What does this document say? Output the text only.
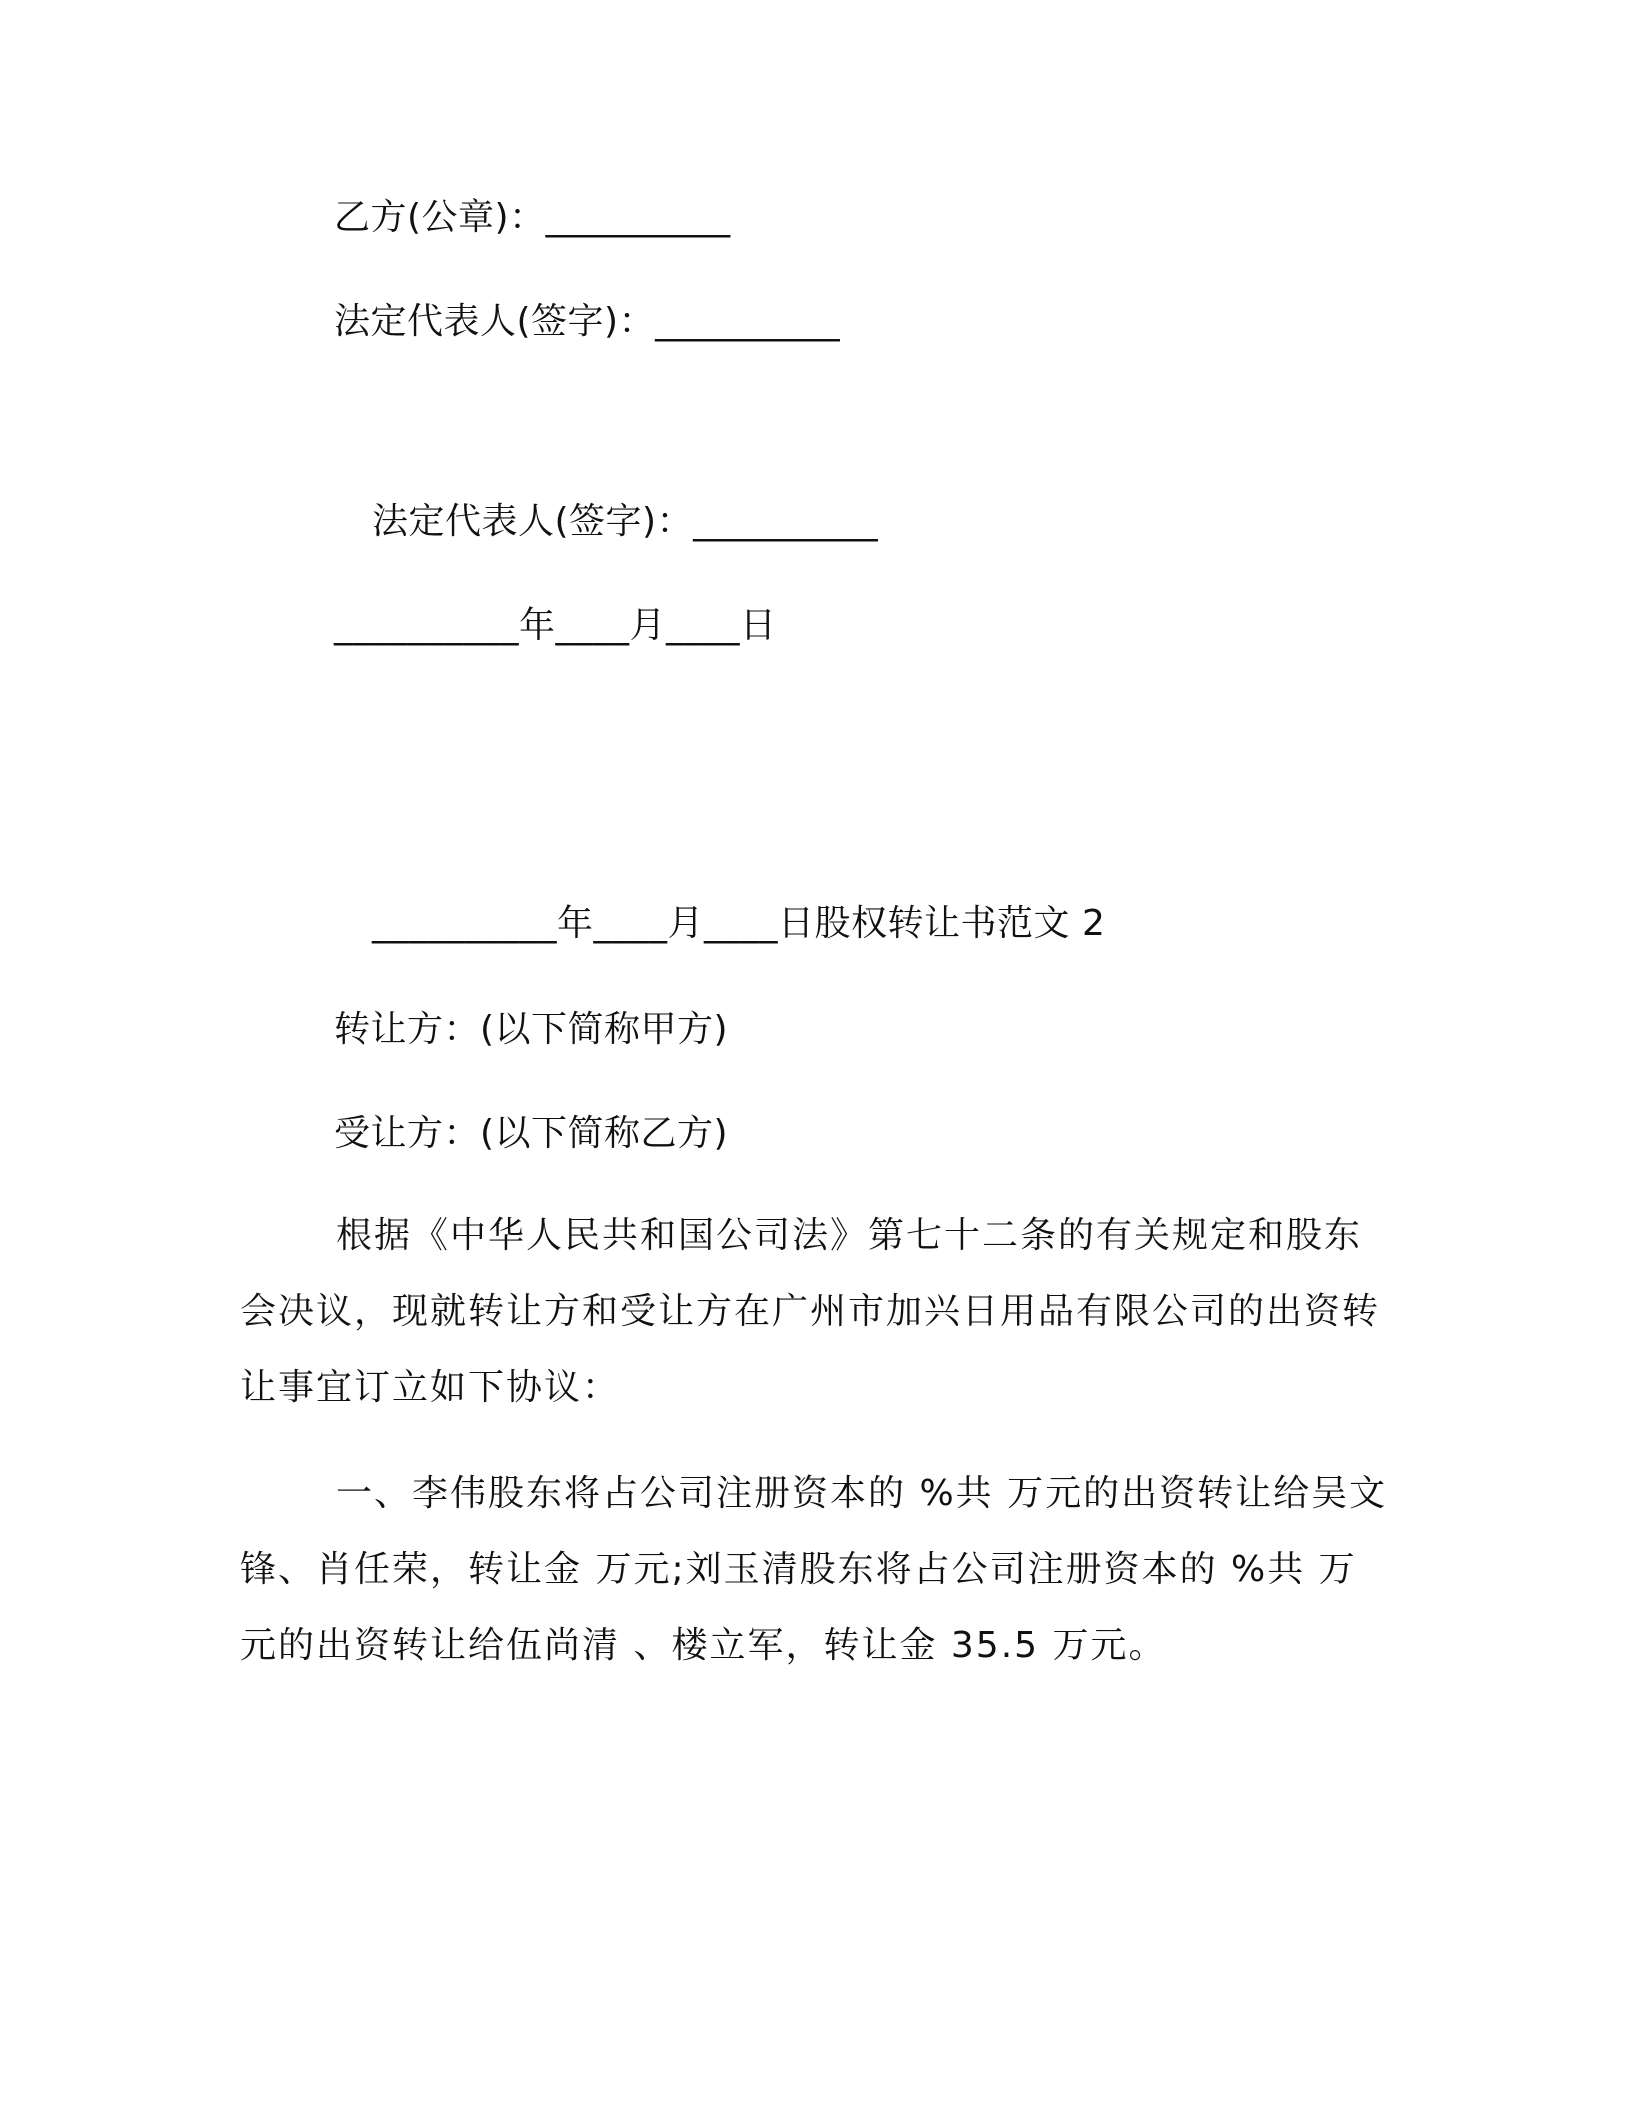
乙方(公章)：__________
法定代表人(签字)：__________
法定代表人(签字)：__________
__________年____月____日
__________年____月____日股权转让书范文 2
转让方：(以下简称甲方)
受让方：(以下简称乙方)
根据《中华人民共和国公司法》第七十二条的有关规定和股东会决议，现就转让方和受让方在广州市加兴日用品有限公司的出资转让事宜订立如下协议：
一、李伟股东将占公司注册资本的 %共 万元的出资转让给吴文锋、肖任荣，转让金 万元;刘玉清股东将占公司注册资本的 %共 万元的出资转让给伍尚清 、楼立军，转让金 35.5 万元。
